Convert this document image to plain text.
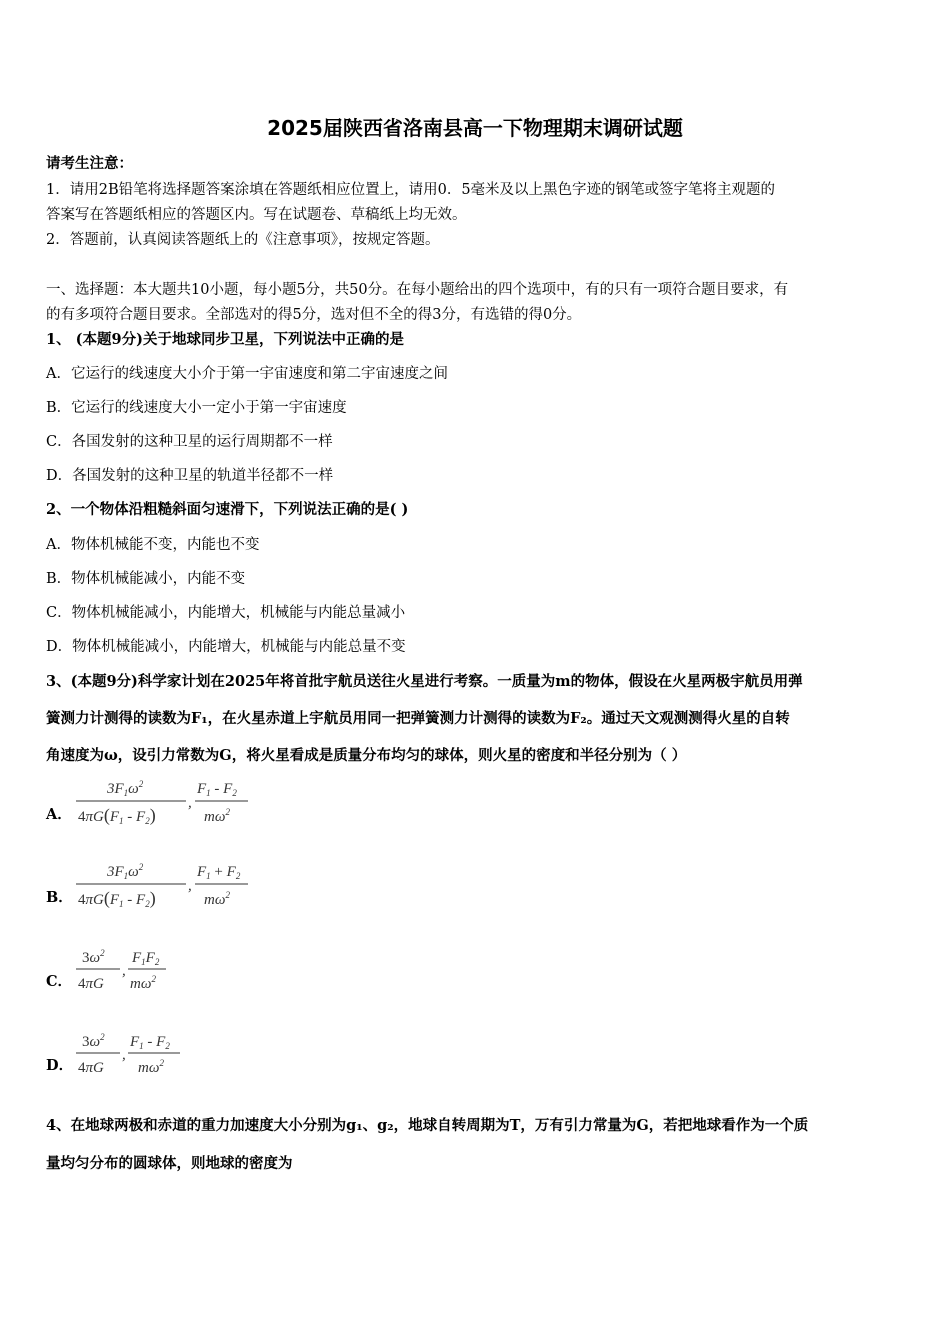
2025届陕西省洛南县高一下物理期末调研试题
请考生注意：
1．请用2B铅笔将选择题答案涂填在答题纸相应位置上，请用0．5毫米及以上黑色字迹的钢笔或签字笔将主观题的
答案写在答题纸相应的答题区内。写在试题卷、草稿纸上均无效。
2．答题前，认真阅读答题纸上的《注意事项》，按规定答题。
一、选择题：本大题共10小题，每小题5分，共50分。在每小题给出的四个选项中，有的只有一项符合题目要求，有
的有多项符合题目要求。全部选对的得5分，选对但不全的得3分，有选错的得0分。
1、 (本题9分)关于地球同步卫星，下列说法中正确的是
A．它运行的线速度大小介于第一宇宙速度和第二宇宙速度之间
B．它运行的线速度大小一定小于第一宇宙速度
C．各国发射的这种卫星的运行周期都不一样
D．各国发射的这种卫星的轨道半径都不一样
2、一个物体沿粗糙斜面匀速滑下，下列说法正确的是( )
A．物体机械能不变，内能也不变
B．物体机械能减小，内能不变
C．物体机械能减小，内能增大，机械能与内能总量减小
D．物体机械能减小，内能增大，机械能与内能总量不变
3、(本题9分)科学家计划在2025年将首批宇航员送往火星进行考察。一质量为m的物体，假设在火星两极宇航员用弹
簧测力计测得的读数为F₁，在火星赤道上宇航员用同一把弹簧测力计测得的读数为F₂。通过天文观测测得火星的自转
角速度为ω，设引力常数为G，将火星看成是质量分布均匀的球体，则火星的密度和半径分别为（ ）
A．
$3F_1\omega^2$
$4\pi G(F_1 - F_2)$
,
$F_1 - F_2$
$m\omega^2$
B．
$3F_1\omega^2$
$4\pi G(F_1 - F_2)$
,
$F_1 + F_2$
$m\omega^2$
C．
$3\omega^2$
4πG
,
$F_1F_2$
$m\omega^2$
D．
$3\omega^2$
4πG
,
$F_1 - F_2$
$m\omega^2$
4、在地球两极和赤道的重力加速度大小分别为g₁、g₂，地球自转周期为T，万有引力常量为G，若把地球看作为一个质
量均匀分布的圆球体，则地球的密度为
